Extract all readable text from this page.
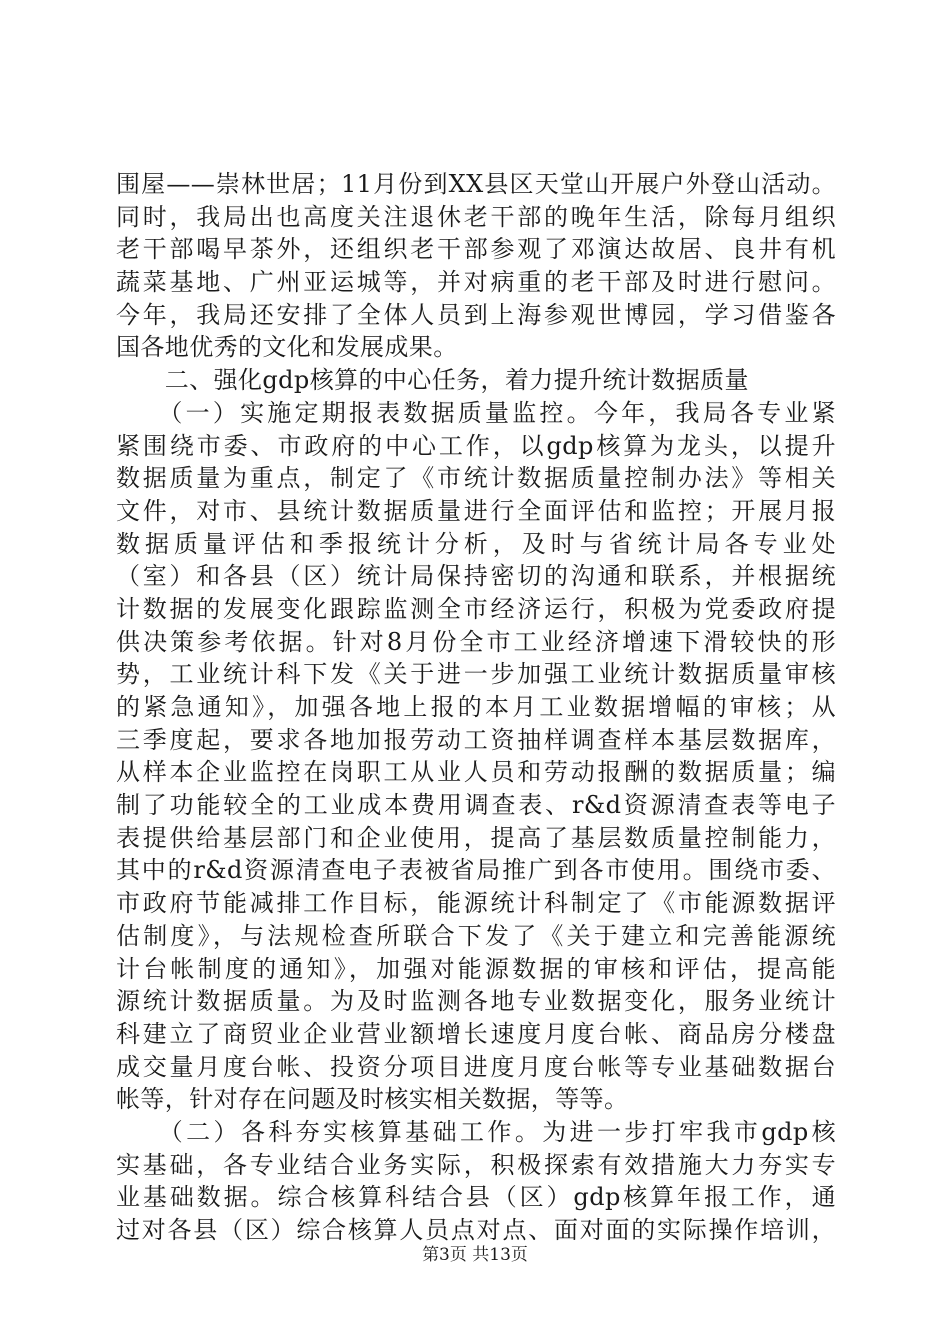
围屋——崇林世居；11月份到XX县区天堂山开展户外登山活动。
同时，我局出也高度关注退休老干部的晚年生活，除每月组织
老干部喝早茶外，还组织老干部参观了邓演达故居、良井有机
蔬菜基地、广州亚运城等，并对病重的老干部及时进行慰问。
今年，我局还安排了全体人员到上海参观世博园，学习借鉴各
国各地优秀的文化和发展成果。
　　二、强化gdp核算的中心任务，着力提升统计数据质量
　　（一）实施定期报表数据质量监控。今年，我局各专业紧
紧围绕市委、市政府的中心工作，以gdp核算为龙头，以提升
数据质量为重点，制定了《市统计数据质量控制办法》等相关
文件，对市、县统计数据质量进行全面评估和监控；开展月报
数据质量评估和季报统计分析，及时与省统计局各专业处
（室）和各县（区）统计局保持密切的沟通和联系，并根据统
计数据的发展变化跟踪监测全市经济运行，积极为党委政府提
供决策参考依据。针对8月份全市工业经济增速下滑较快的形
势，工业统计科下发《关于进一步加强工业统计数据质量审核
的紧急通知》，加强各地上报的本月工业数据增幅的审核；从
三季度起，要求各地加报劳动工资抽样调查样本基层数据库，
从样本企业监控在岗职工从业人员和劳动报酬的数据质量；编
制了功能较全的工业成本费用调查表、r&d资源清查表等电子
表提供给基层部门和企业使用，提高了基层数质量控制能力，
其中的r&d资源清查电子表被省局推广到各市使用。围绕市委、
市政府节能减排工作目标，能源统计科制定了《市能源数据评
估制度》，与法规检查所联合下发了《关于建立和完善能源统
计台帐制度的通知》，加强对能源数据的审核和评估，提高能
源统计数据质量。为及时监测各地专业数据变化，服务业统计
科建立了商贸业企业营业额增长速度月度台帐、商品房分楼盘
成交量月度台帐、投资分项目进度月度台帐等专业基础数据台
帐等，针对存在问题及时核实相关数据，等等。
　　（二）各科夯实核算基础工作。为进一步打牢我市gdp核
实基础，各专业结合业务实际，积极探索有效措施大力夯实专
业基础数据。综合核算科结合县（区）gdp核算年报工作，通
过对各县（区）综合核算人员点对点、面对面的实际操作培训，
第3页 共13页
